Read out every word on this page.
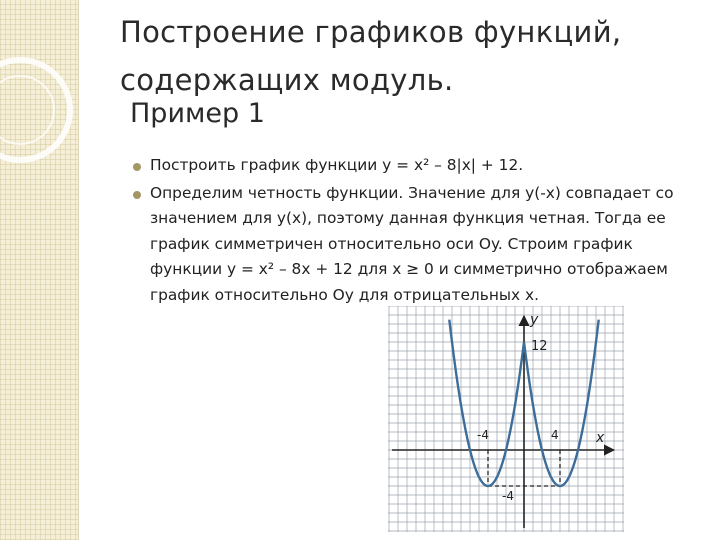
Построение графиков функций, содержащих модуль.
Пример 1
Построить график функции y = x² – 8|x| + 12.
Определим четность функции. Значение для y(-x) совпадает со значением для y(x), поэтому данная функция четная. Тогда ее график симметричен относительно оси Oy. Строим график функции y = x² – 8x + 12 для x ≥ 0 и симметрично отображаем график относительно Oy для отрицательных x.
y
x
12
-4	4
-4
